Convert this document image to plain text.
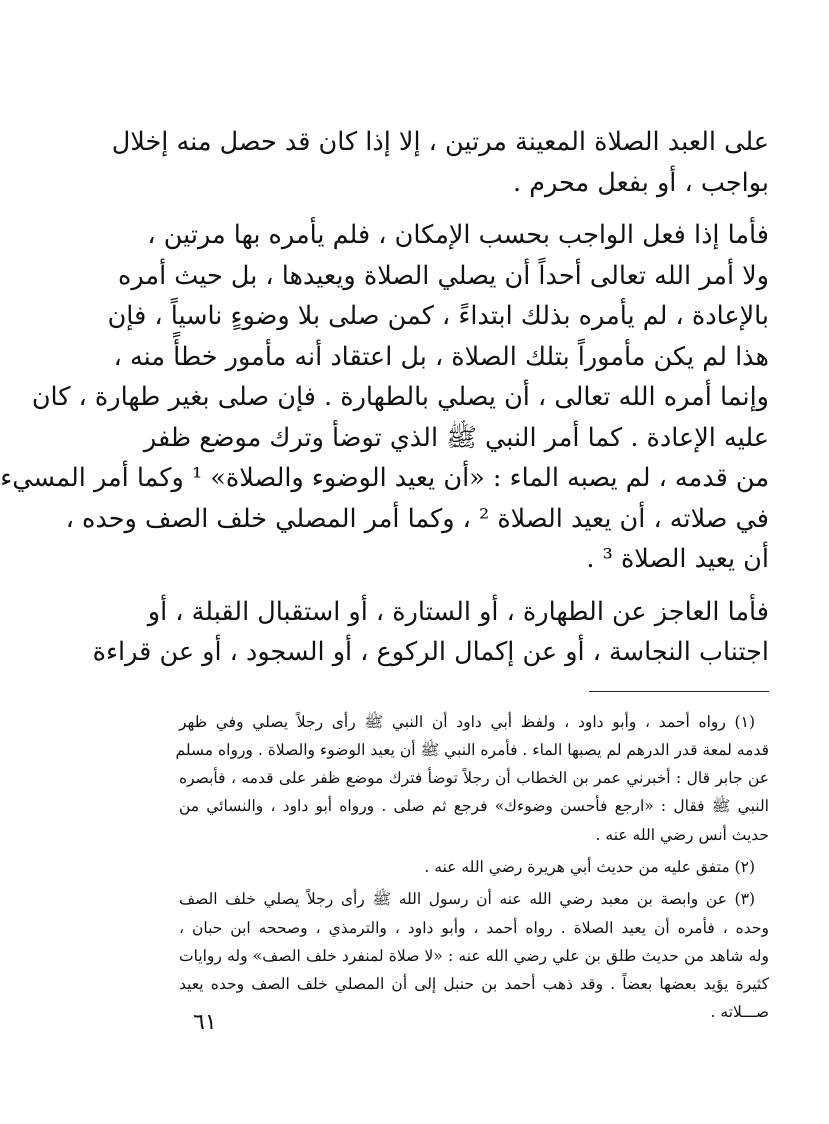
على العبد الصلاة المعينة مرتين ، إلا إذا كان قد حصل منه إخلال
بواجب ، أو بفعل محرم .
فأما إذا فعل الواجب بحسب الإمكان ، فلم يأمره بها مرتين ،
ولا أمر الله تعالى أحداً أن يصلي الصلاة ويعيدها ، بل حيث أمره
بالإعادة ، لم يأمره بذلك ابتداءً ، كمن صلى بلا وضوءٍ ناسياً ، فإن
هذا لم يكن مأموراً بتلك الصلاة ، بل اعتقاد أنه مأمور خطأً منه ،
وإنما أمره الله تعالى ، أن يصلي بالطهارة . فإن صلى بغير طهارة ، كان
عليه الإعادة . كما أمر النبي ﷺ الذي توضأ وترك موضع ظفر
من قدمه ، لم يصبه الماء : «أن يعيد الوضوء والصلاة» ¹ وكما أمر المسيء
في صلاته ، أن يعيد الصلاة ² ، وكما أمر المصلي خلف الصف وحده ،
أن يعيد الصلاة ³ .
فأما العاجز عن الطهارة ، أو الستارة ، أو استقبال القبلة ، أو
اجتناب النجاسة ، أو عن إكمال الركوع ، أو السجود ، أو عن قراءة
(١) رواه أحمد ، وأبو داود ، ولفظ أبي داود أن النبي ﷺ رأى رجلاً يصلي وفي ظهر
قدمه لمعة قدر الدرهم لم يصبها الماء . فأمره النبي ﷺ أن يعيد الوضوء والصلاة . ورواه مسلم
عن جابر قال : أخبرني عمر بن الخطاب أن رجلاً توضأ فترك موضع ظفر على قدمه ، فأبصره
النبي ﷺ فقال : «ارجع فأحسن وضوءك» فرجع ثم صلى . ورواه أبو داود ، والنسائي من
حديث أنس رضي الله عنه .
(٢) متفق عليه من حديث أبي هريرة رضي الله عنه .
(٣) عن وابصة بن معبد رضي الله عنه أن رسول الله ﷺ رأى رجلاً يصلي خلف الصف
وحده ، فأمره أن يعيد الصلاة . رواه أحمد ، وأبو داود ، والترمذي ، وصححه ابن حبان ،
وله شاهد من حديث طلق بن علي رضي الله عنه : «لا صلاة لمنفرد خلف الصف» وله روايات
كثيرة يؤيد بعضها بعضاً . وقد ذهب أحمد بن حنبل إلى أن المصلي خلف الصف وحده يعيد
صـــلاته .
٦١
